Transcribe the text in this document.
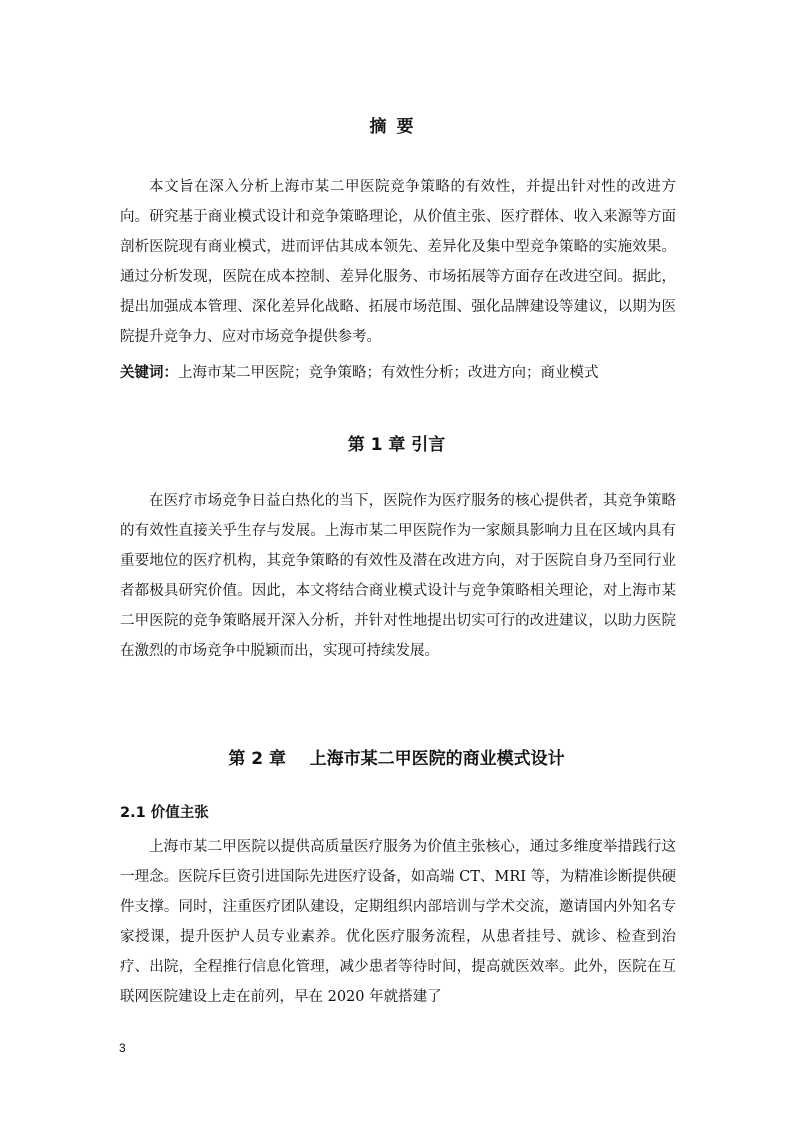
摘要

本文旨在深入分析上海市某二甲医院竞争策略的有效性，并提出针对性的改进方向。研究基于商业模式设计和竞争策略理论，从价值主张、医疗群体、收入来源等方面剖析医院现有商业模式，进而评估其成本领先、差异化及集中型竞争策略的实施效果。通过分析发现，医院在成本控制、差异化服务、市场拓展等方面存在改进空间。据此，提出加强成本管理、深化差异化战略、拓展市场范围、强化品牌建设等建议，以期为医院提升竞争力、应对市场竞争提供参考。

关键词：上海市某二甲医院；竞争策略；有效性分析；改进方向；商业模式
第 1 章 引言

在医疗市场竞争日益白热化的当下，医院作为医疗服务的核心提供者，其竞争策略的有效性直接关乎生存与发展。上海市某二甲医院作为一家颇具影响力且在区域内具有重要地位的医疗机构，其竞争策略的有效性及潜在改进方向，对于医院自身乃至同行业者都极具研究价值。因此，本文将结合商业模式设计与竞争策略相关理论，对上海市某二甲医院的竞争策略展开深入分析，并针对性地提出切实可行的改进建议，以助力医院在激烈的市场竞争中脱颖而出，实现可持续发展。

第 2 章    上海市某二甲医院的商业模式设计
2.1 价值主张

上海市某二甲医院以提供高质量医疗服务为价值主张核心，通过多维度举措践行这一理念。医院斥巨资引进国际先进医疗设备，如高端 CT、MRI 等，为精准诊断提供硬件支撑。同时，注重医疗团队建设，定期组织内部培训与学术交流，邀请国内外知名专家授课，提升医护人员专业素养。优化医疗服务流程，从患者挂号、就诊、检查到治疗、出院，全程推行信息化管理，减少患者等待时间，提高就医效率。此外，医院在互联网医院建设上走在前列，早在 2020 年就搭建了

3
